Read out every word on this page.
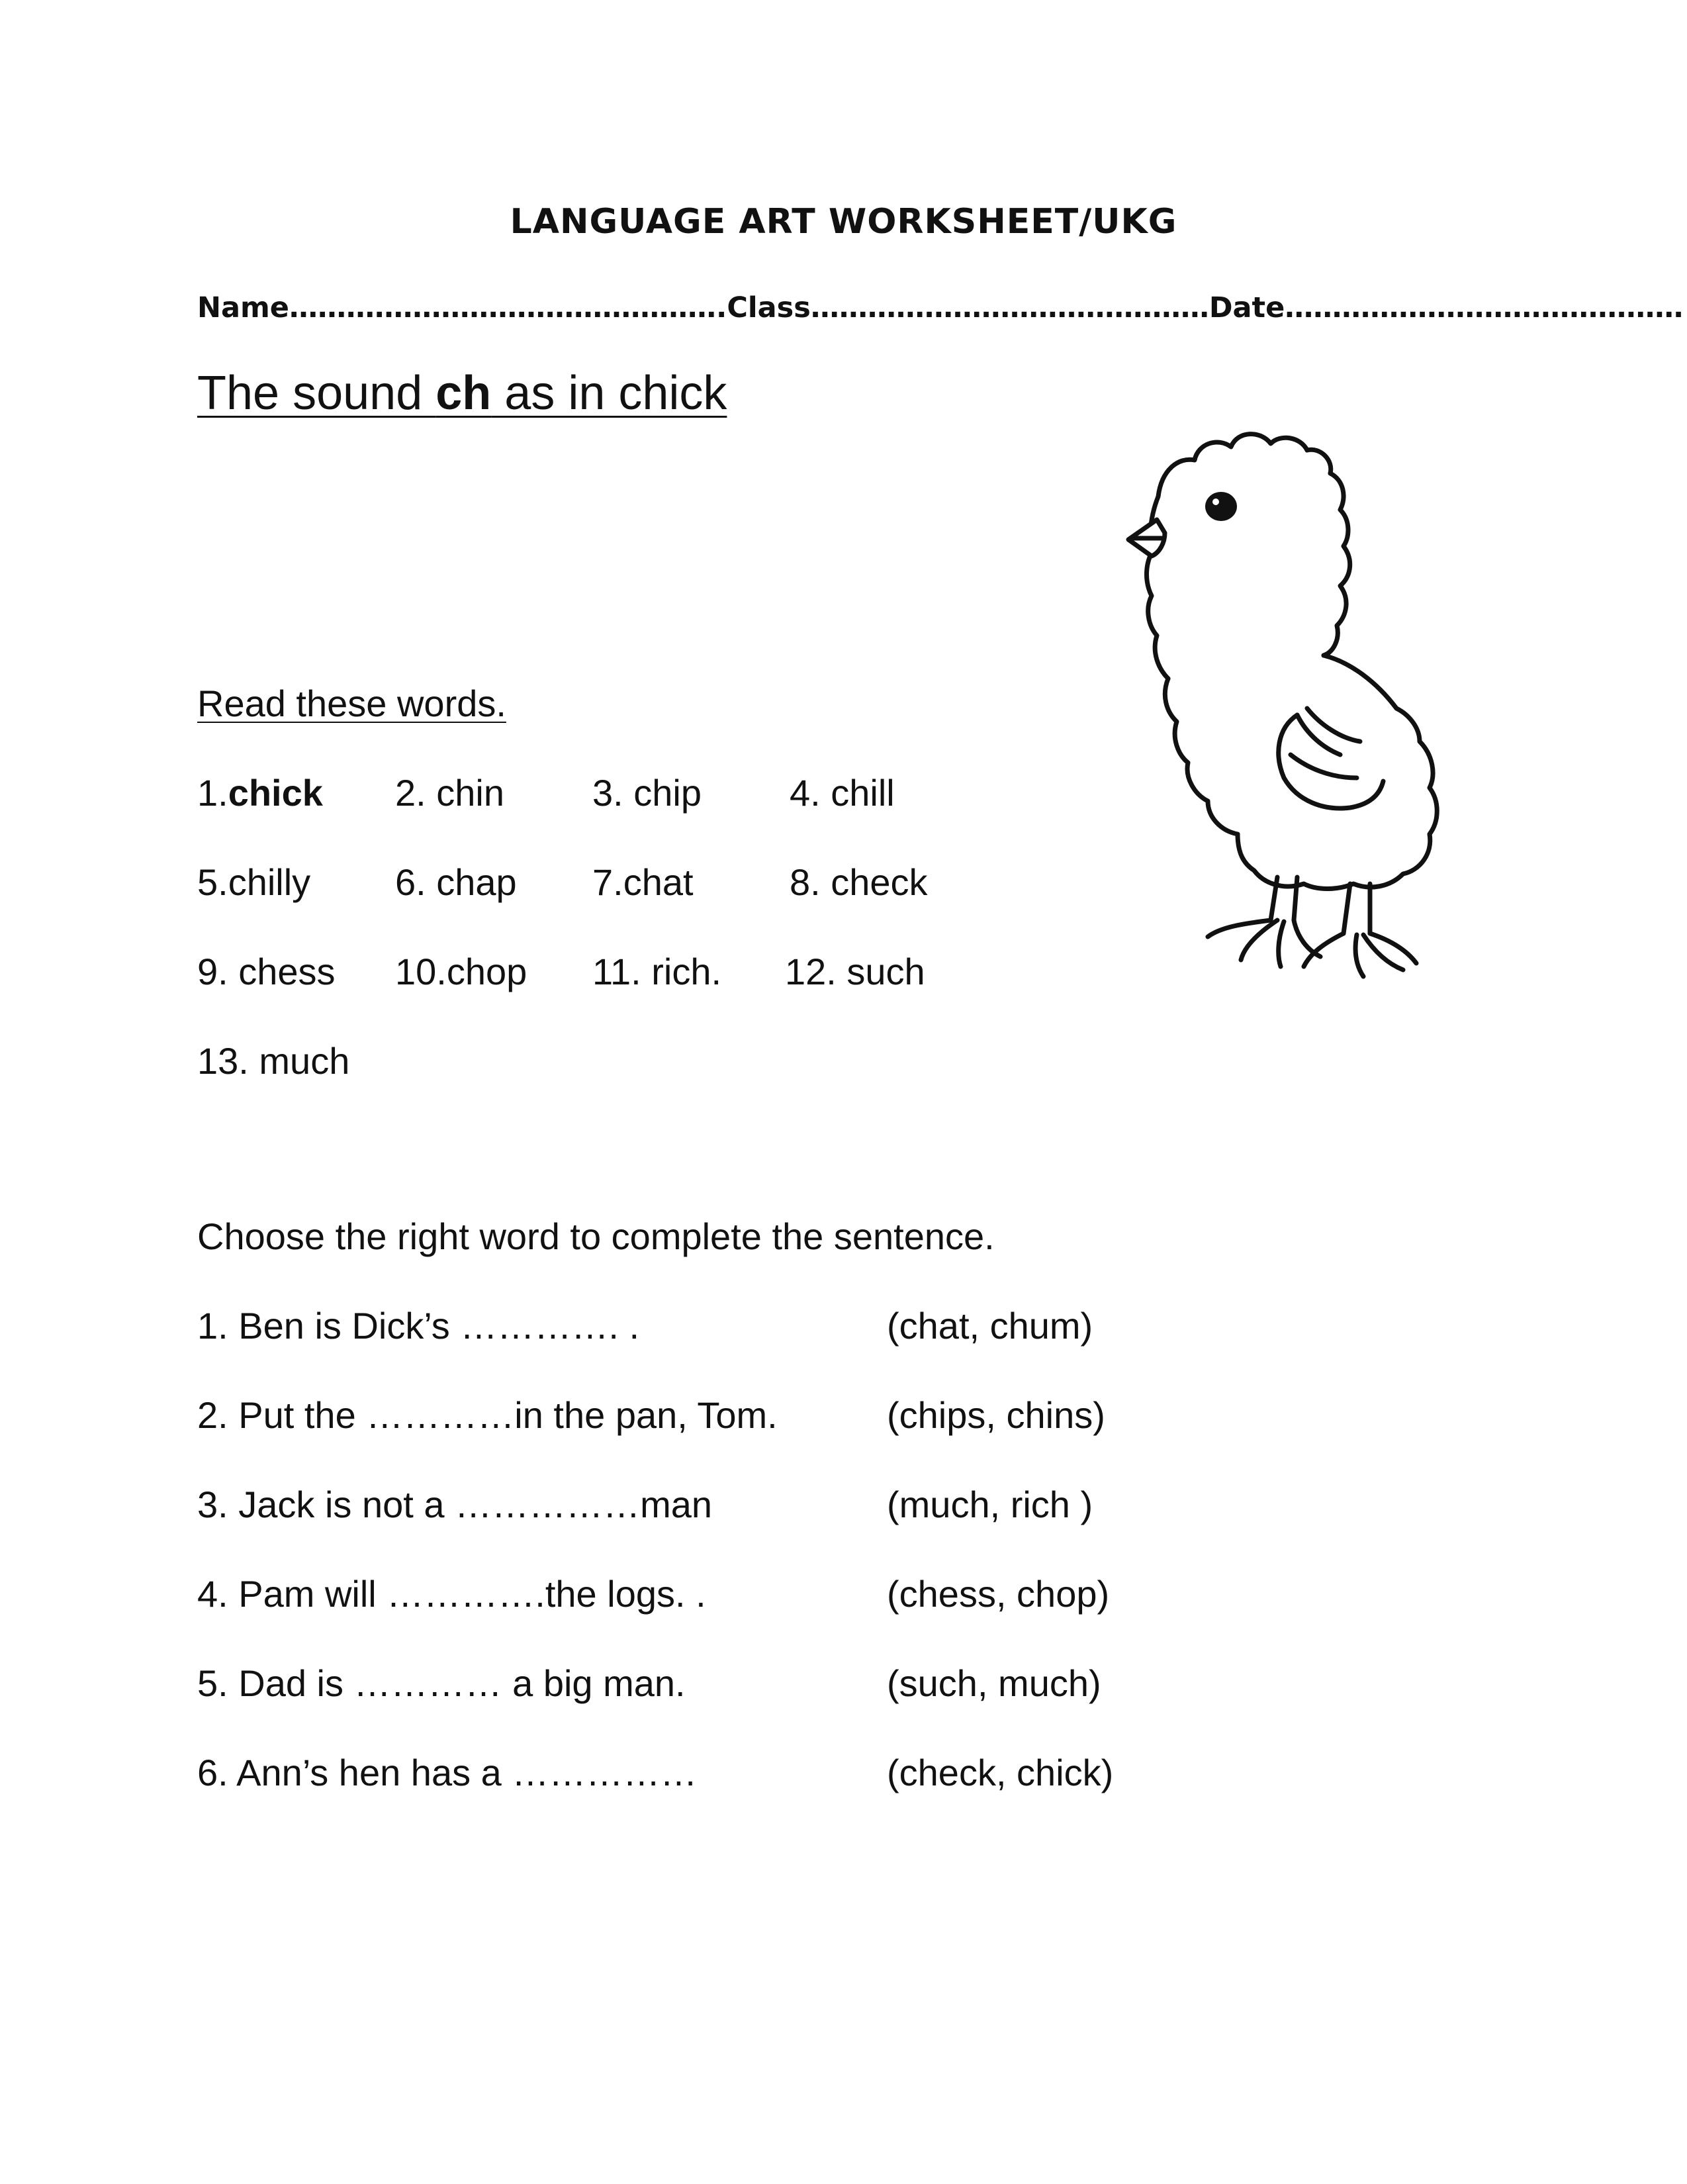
LANGUAGE ART WORKSHEET/UKG
Name……………………………………….Class……………………………………Date……………………………………
The sound ch as in chick
Read these words.
1.chick 2. chin 3. chip 4. chill
5.chilly 6. chap 7.chat	8. check
9. chess 10.chop 11. rich. 12. such
13. much
Choose the right word to complete the sentence.
1. Ben is Dick’s …………. .	(chat, chum)
2. Put the …………in the pan, Tom.	(chips, chins)
3. Jack is not a ……………man	(much, rich )
4. Pam will ………….the logs. .	(chess, chop)
5. Dad is ………… a big man.	(such, much)
6. Ann’s hen has a ……………	(check, chick)
